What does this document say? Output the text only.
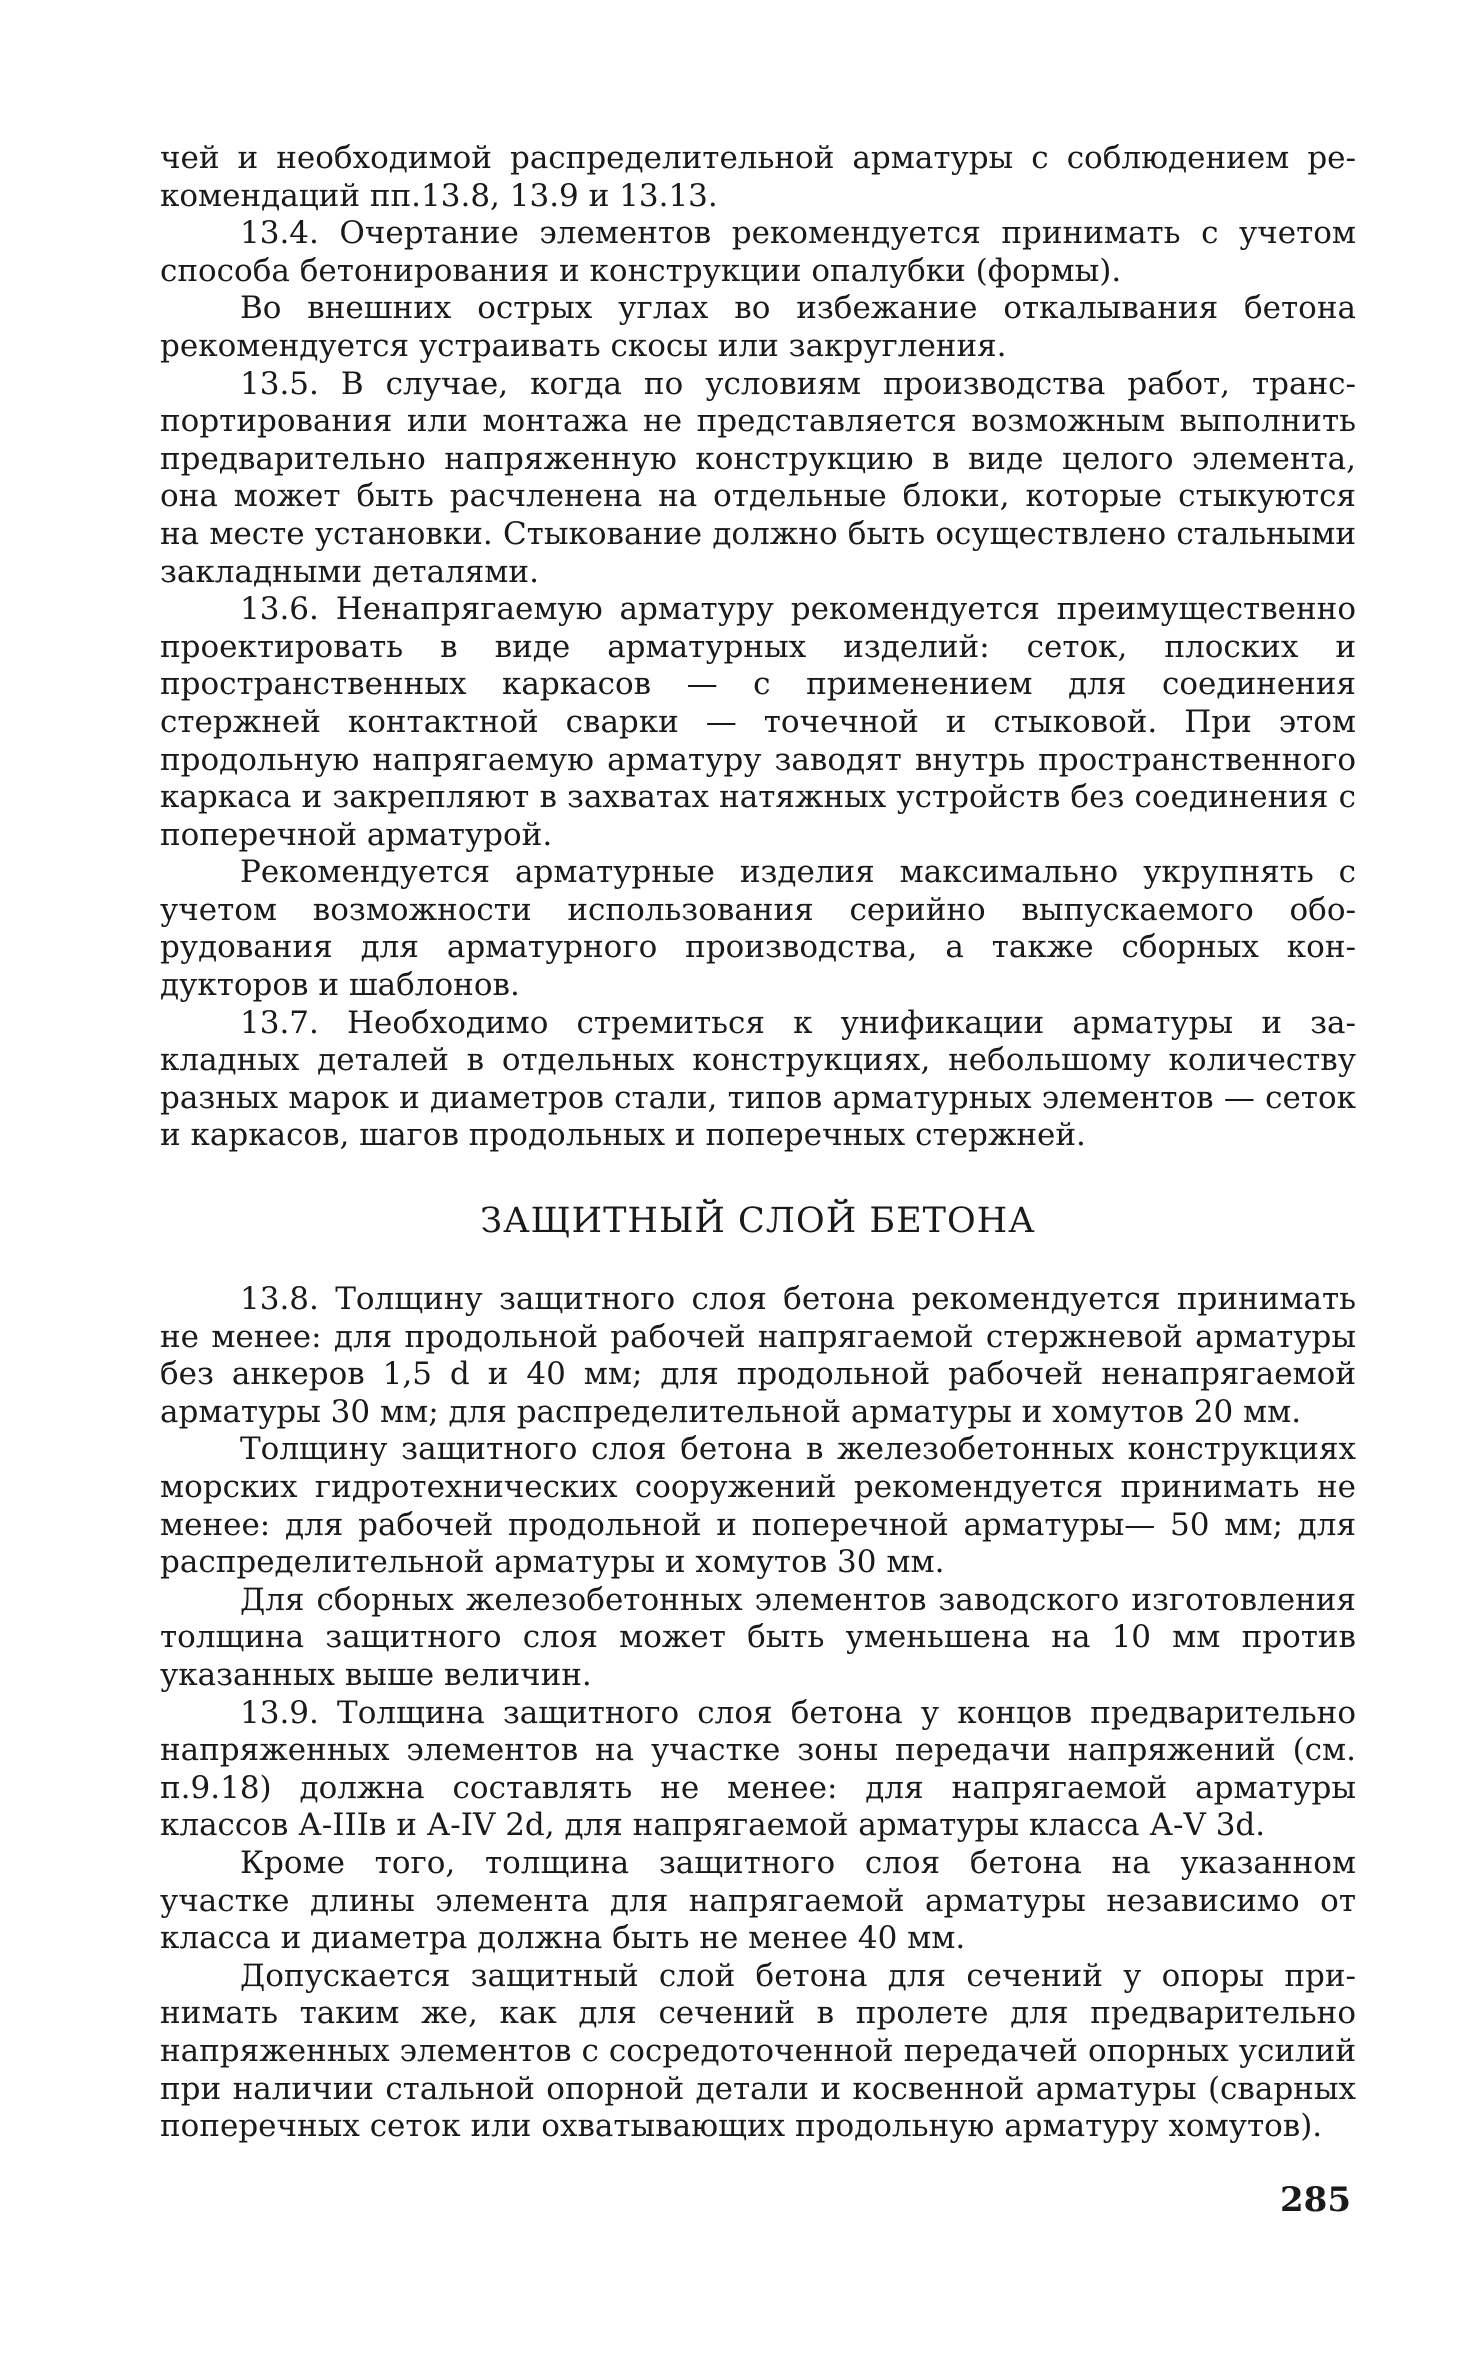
чей и необходимой распределительной арматуры с соблюдением рекомендаций пп.13.8, 13.9 и 13.13.

13.4. Очертание элементов рекомендуется принимать с учетом способа бетонирования и конструкции опалубки (формы).

Во внешних острых углах во избежание откалывания бетона рекомендуется устраивать скосы или закругления.

13.5. В случае, когда по условиям производства работ, транспортирования или монтажа не представляется возможным выполнить предварительно напряженную конструкцию в виде целого элемента, она может быть расчленена на отдельные блоки, которые стыкуются на месте установки. Стыкование должно быть осуществлено стальными закладными деталями.

13.6. Ненапрягаемую арматуру рекомендуется преимущественно проектировать в виде арматурных изделий: сеток, плоских и пространственных каркасов — с применением для соединения стержней контактной сварки — точечной и стыковой. При этом продольную напрягаемую арматуру заводят внутрь пространственного каркаса и закрепляют в захватах натяжных устройств без соединения с поперечной арматурой.

Рекомендуется арматурные изделия максимально укрупнять с учетом возможности использования серийно выпускаемого оборудования для арматурного производства, а также сборных кондукторов и шаблонов.

13.7. Необходимо стремиться к унификации арматуры и закладных деталей в отдельных конструкциях, небольшому количеству разных марок и диаметров стали, типов арматурных элементов — сеток и каркасов, шагов продольных и поперечных стержней.

ЗАЩИТНЫЙ СЛОЙ БЕТОНА

13.8. Толщину защитного слоя бетона рекомендуется принимать не менее: для продольной рабочей напрягаемой стержневой арматуры без анкеров 1,5 d и 40 мм; для продольной рабочей ненапрягаемой арматуры 30 мм; для распределительной арматуры и хомутов 20 мм.

Толщину защитного слоя бетона в железобетонных конструкциях морских гидротехнических сооружений рекомендуется принимать не менее: для рабочей продольной и поперечной арматуры— 50 мм; для распределительной арматуры и хомутов 30 мм.

Для сборных железобетонных элементов заводского изготовления толщина защитного слоя может быть уменьшена на 10 мм против указанных выше величин.

13.9. Толщина защитного слоя бетона у концов предварительно напряженных элементов на участке зоны передачи напряжений (см. п.9.18) должна составлять не менее: для напрягаемой арматуры классов А-IIIв и А-IV 2d, для напрягаемой арматуры класса А-V 3d.

Кроме того, толщина защитного слоя бетона на указанном участке длины элемента для напрягаемой арматуры независимо от класса и диаметра должна быть не менее 40 мм.

Допускается защитный слой бетона для сечений у опоры принимать таким же, как для сечений в пролете для предварительно напряженных элементов с сосредоточенной передачей опорных усилий при наличии стальной опорной детали и косвенной арматуры (сварных поперечных сеток или охватывающих продольную арматуру хомутов).

285
